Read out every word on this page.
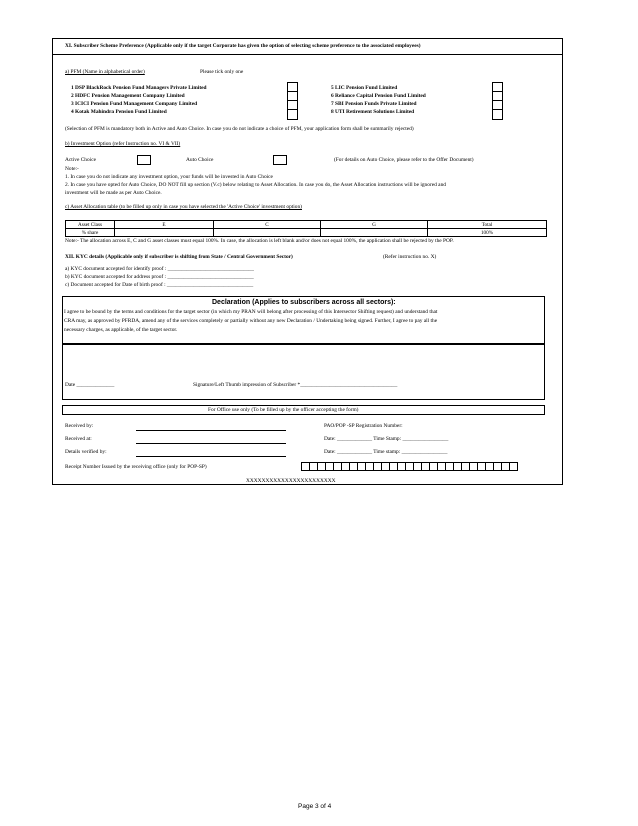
XI. Subscriber Scheme Preference (Applicable only if the target Corporate has given the option of selecting scheme preference to the associated employees)
a) PFM (Name in alphabetical order)	Please tick only one
1 DSP BlackRock Pension Fund Managers Private Limited
2 HDFC Pension Management Company Limited
3 ICICI Pension Fund Management Company Limited
4 Kotak Mahindra Pension Fund Limited
5 LIC Pension Fund Limited
6 Reliance Capital Pension Fund Limited
7 SBI Pension Funds Private Limited
8 UTI Retirement Solutions Limited
(Selection of PFM is mandatory both in Active and Auto Choice. In case you do not indicate a choice of PFM, your application form shall be summarily rejected)
b) Investment Option (refer Instruction no. VI & VII)
Active Choice	Auto Choice	(For details on Auto Choice, please refer to the Offer Document)
Note:-
1. In case you do not indicate any investment option, your funds will be invested in Auto Choice
2. In case you have opted for Auto Choice, DO NOT fill up section (V.c) below relating to Asset Allocation. In case you do, the Asset Allocation instructions will be ignored and
investment will be made as per Auto Choice.
c) Asset Allocation table (to be filled up only in case you have selected the 'Active Choice' investment option)
Asset Class	E	C	G	Total
% share				100%
Note:- The allocation across E, C and G asset classes must equal 100%. In case, the allocation is left blank and/or does not equal 100%, the application shall be rejected by the POP.
XII. KYC details (Applicable only if subscriber is shifting from State / Central Government Sector)	(Refer instruction no. X)
a) KYC document accepted for identify proof : ________________________________
b) KYC document accepted for address proof : ________________________________
c) Document accepted for Date of birth proof : ________________________________
Declaration (Applies to subscribers across all sectors):
I agree to be bound by the terms and conditions for the target sector (in which my PRAN will belong after processing of this Intersector Shifting request) and understand that
CRA may, as approved by PFRDA, amend any of the services completely or partially without any new Declaration / Undertaking being signed. Further, I agree to pay all the
necessary charges, as applicable, of the target sector.
Date ______________	Signature/Left Thumb impression of Subscriber *____________________________________
For Office use only (To be filled up by the officer accepting the form)
Received by:	PAO/POP -SP Registration Number:
Received at:	Date: _____________ Time Stamp: _________________
Details verified by:	Date: _____________ Time stamp: _________________
Receipt Number Issued by the receiving office (only for POP-SP)
XXXXXXXXXXXXXXXXXXXXXXX
Page 3 of 4
